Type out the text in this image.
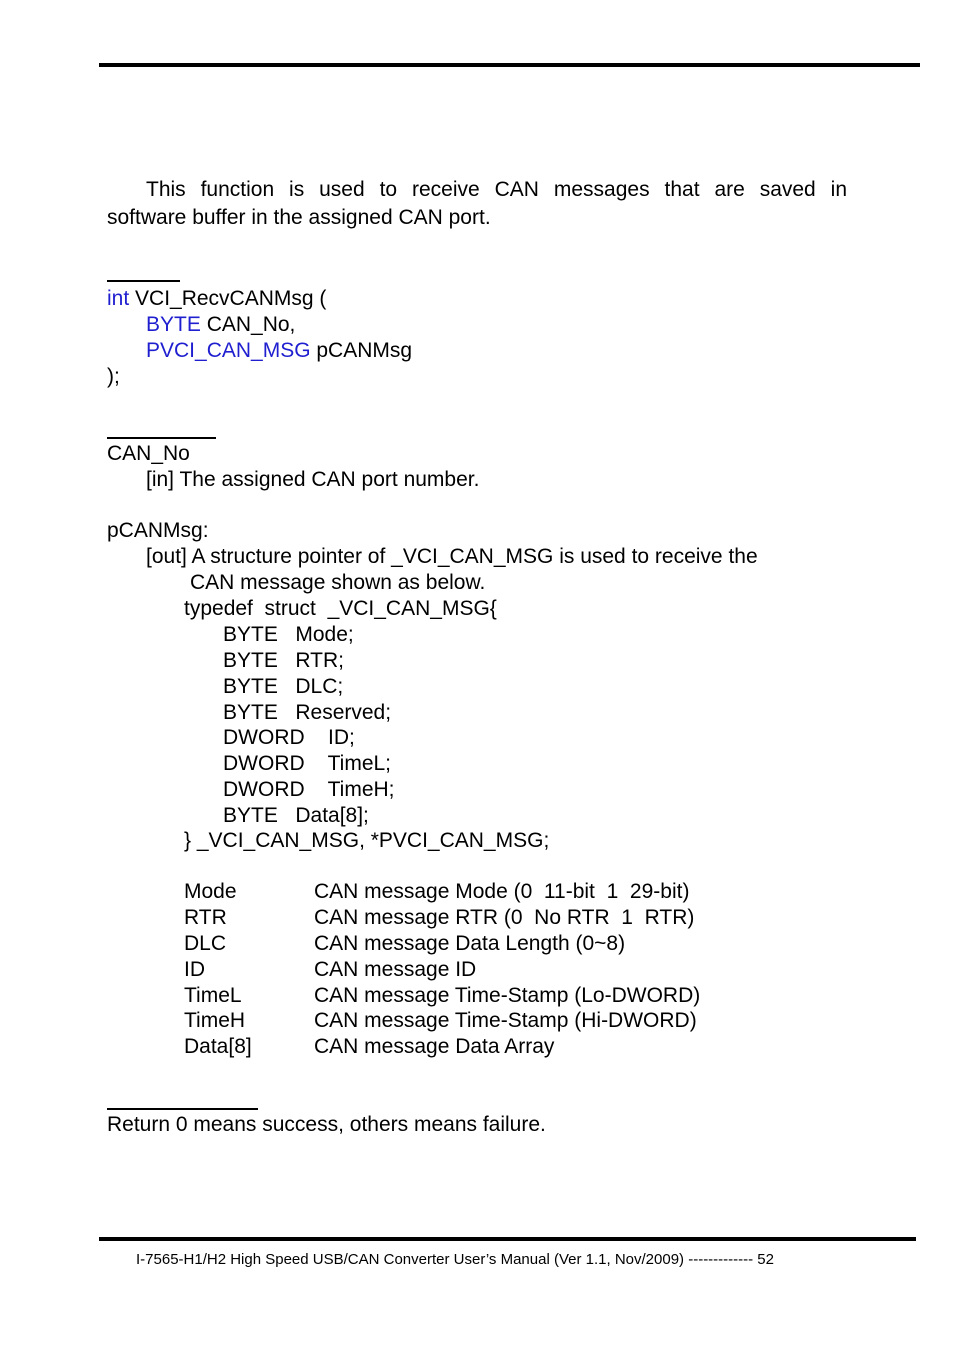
This function is used to receive CAN messages that are saved in
software buffer in the assigned CAN port.
int VCI_RecvCANMsg (
BYTE CAN_No,
PVCI_CAN_MSG pCANMsg
);
CAN_No
[in] The assigned CAN port number.
pCANMsg:
[out] A structure pointer of _VCI_CAN_MSG is used to receive the
CAN message shown as below.
typedef  struct  _VCI_CAN_MSG{
BYTE   Mode;
BYTE   RTR;
BYTE   DLC;
BYTE   Reserved;
DWORD    ID;
DWORD    TimeL;
DWORD    TimeH;
BYTE   Data[8];
} _VCI_CAN_MSG, *PVCI_CAN_MSG;
Mode	CAN message Mode (0  11-bit  1  29-bit)
RTR	CAN message RTR (0  No RTR  1  RTR)
DLC	CAN message Data Length (0~8)
ID	CAN message ID
TimeL	CAN message Time-Stamp (Lo-DWORD)
TimeH	CAN message Time-Stamp (Hi-DWORD)
Data[8]	CAN message Data Array
Return 0 means success, others means failure.
I-7565-H1/H2 High Speed USB/CAN Converter User’s Manual (Ver 1.1, Nov/2009) ------------- 52
